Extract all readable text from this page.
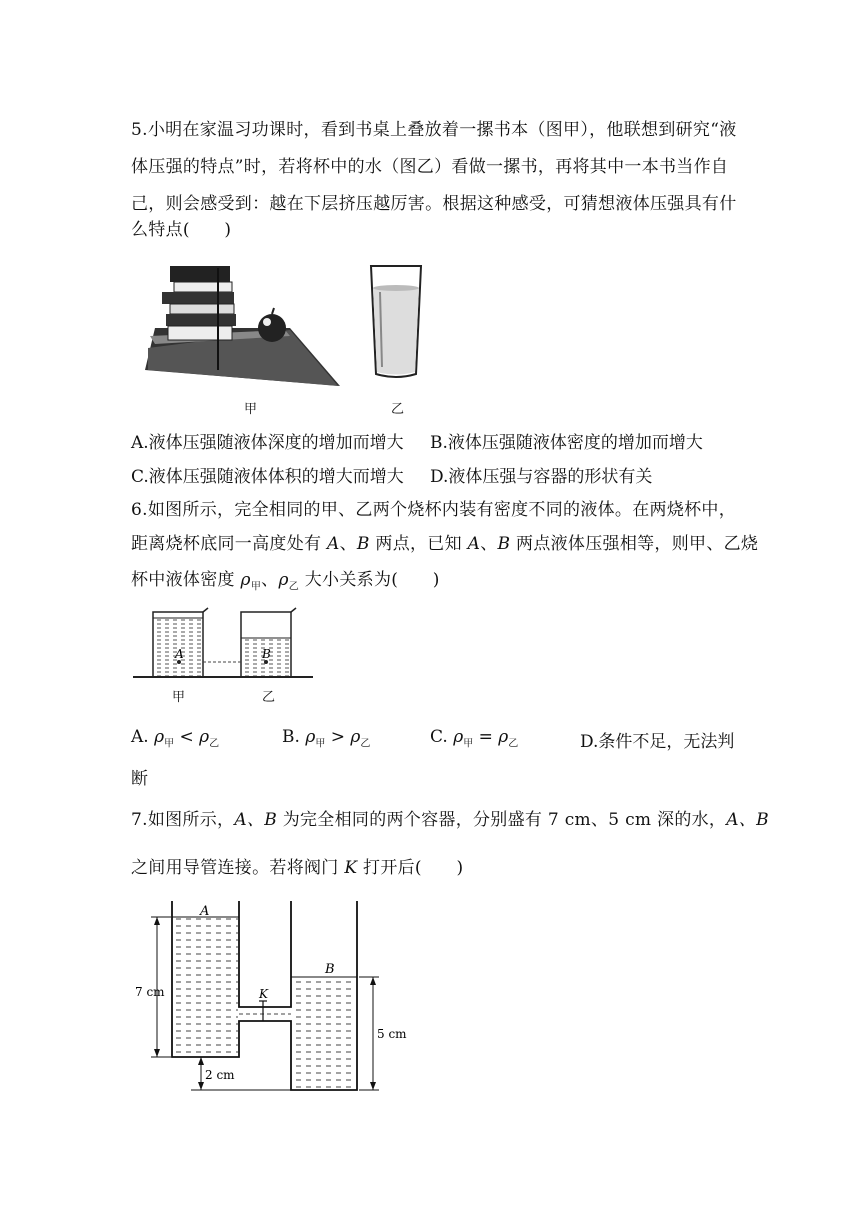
5.小明在家温习功课时，看到书桌上叠放着一摞书本（图甲），他联想到研究“液
体压强的特点”时，若将杯中的水（图乙）看做一摞书，再将其中一本书当作自
己，则会感受到：越在下层挤压越厉害。根据这种感受，可猜想液体压强具有什
么特点(　　)
甲	乙
A.液体压强随液体深度的增加而增大 B.液体压强随液体密度的增加而增大
C.液体压强随液体体积的增大而增大 D.液体压强与容器的形状有关
6.如图所示，完全相同的甲、乙两个烧杯内装有密度不同的液体。在两烧杯中，
距离烧杯底同一高度处有 A、B 两点，已知 A、B 两点液体压强相等，则甲、乙烧
杯中液体密度 $\rho_甲$、$\rho_乙$ 大小关系为(　　)
A	B
甲	乙
A. $\rho_甲 < \rho_乙$	B. $\rho_甲 > \rho_乙$	C. $\rho_甲 = \rho_乙$	D.条件不足，无法判
断
7.如图所示，A、B 为完全相同的两个容器，分别盛有 7 cm、5 cm 深的水，A、B
之间用导管连接。若将阀门 K 打开后(　　)
A
B
K
7 cm
5 cm
2 cm
